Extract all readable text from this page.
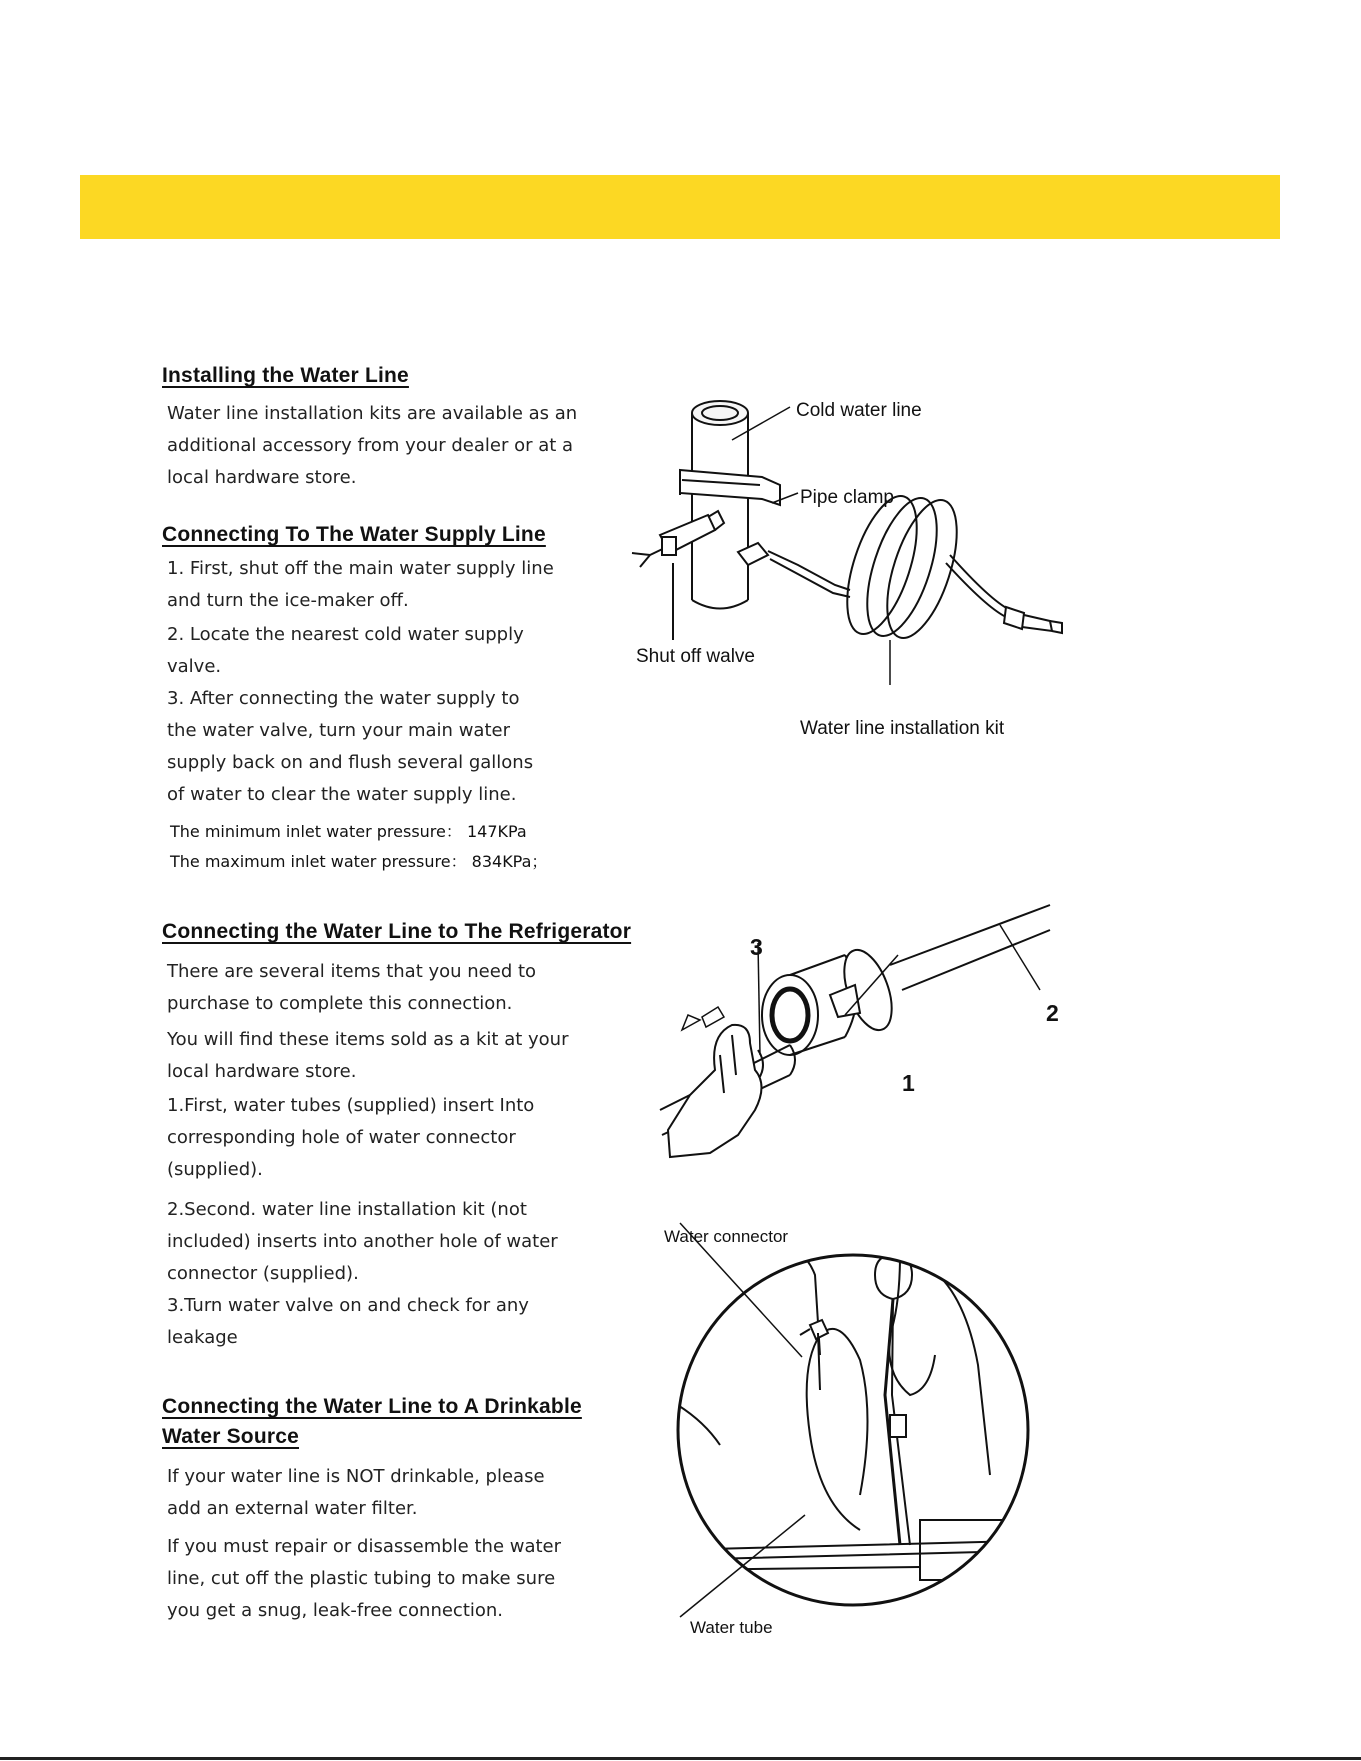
Installing the Water Line
Water line installation kits are available as an
additional accessory from your dealer or at a
local hardware store.
Connecting To The Water Supply Line
1. First, shut off the main water supply line
and turn the ice-maker off.
2. Locate the nearest cold water supply
valve.
3. After connecting the water supply to
the water valve, turn your main water
supply back on and flush several gallons
of water to clear the water supply line.
The minimum inlet water pressure： 147KPa
The maximum inlet water pressure： 834KPa；
Connecting the Water Line to The Refrigerator
There are several items that you need to
purchase to complete this connection.
You will find these items sold as a kit at your
local hardware store.
1.First, water tubes (supplied) insert Into
corresponding hole of water connector
(supplied).
2.Second. water line installation kit (not
included) inserts into another hole of water
connector (supplied).
3.Turn water valve on and check for any
leakage
Connecting the Water Line to A Drinkable
Water Source
If your water line is NOT drinkable, please
add an external water filter.
If you must repair or disassemble the water
line, cut off the plastic tubing to make sure
you get a snug, leak-free connection.
Cold water line
Pipe clamp
Shut off walve
Water line installation kit
3
2
1
Water connector
Water tube
